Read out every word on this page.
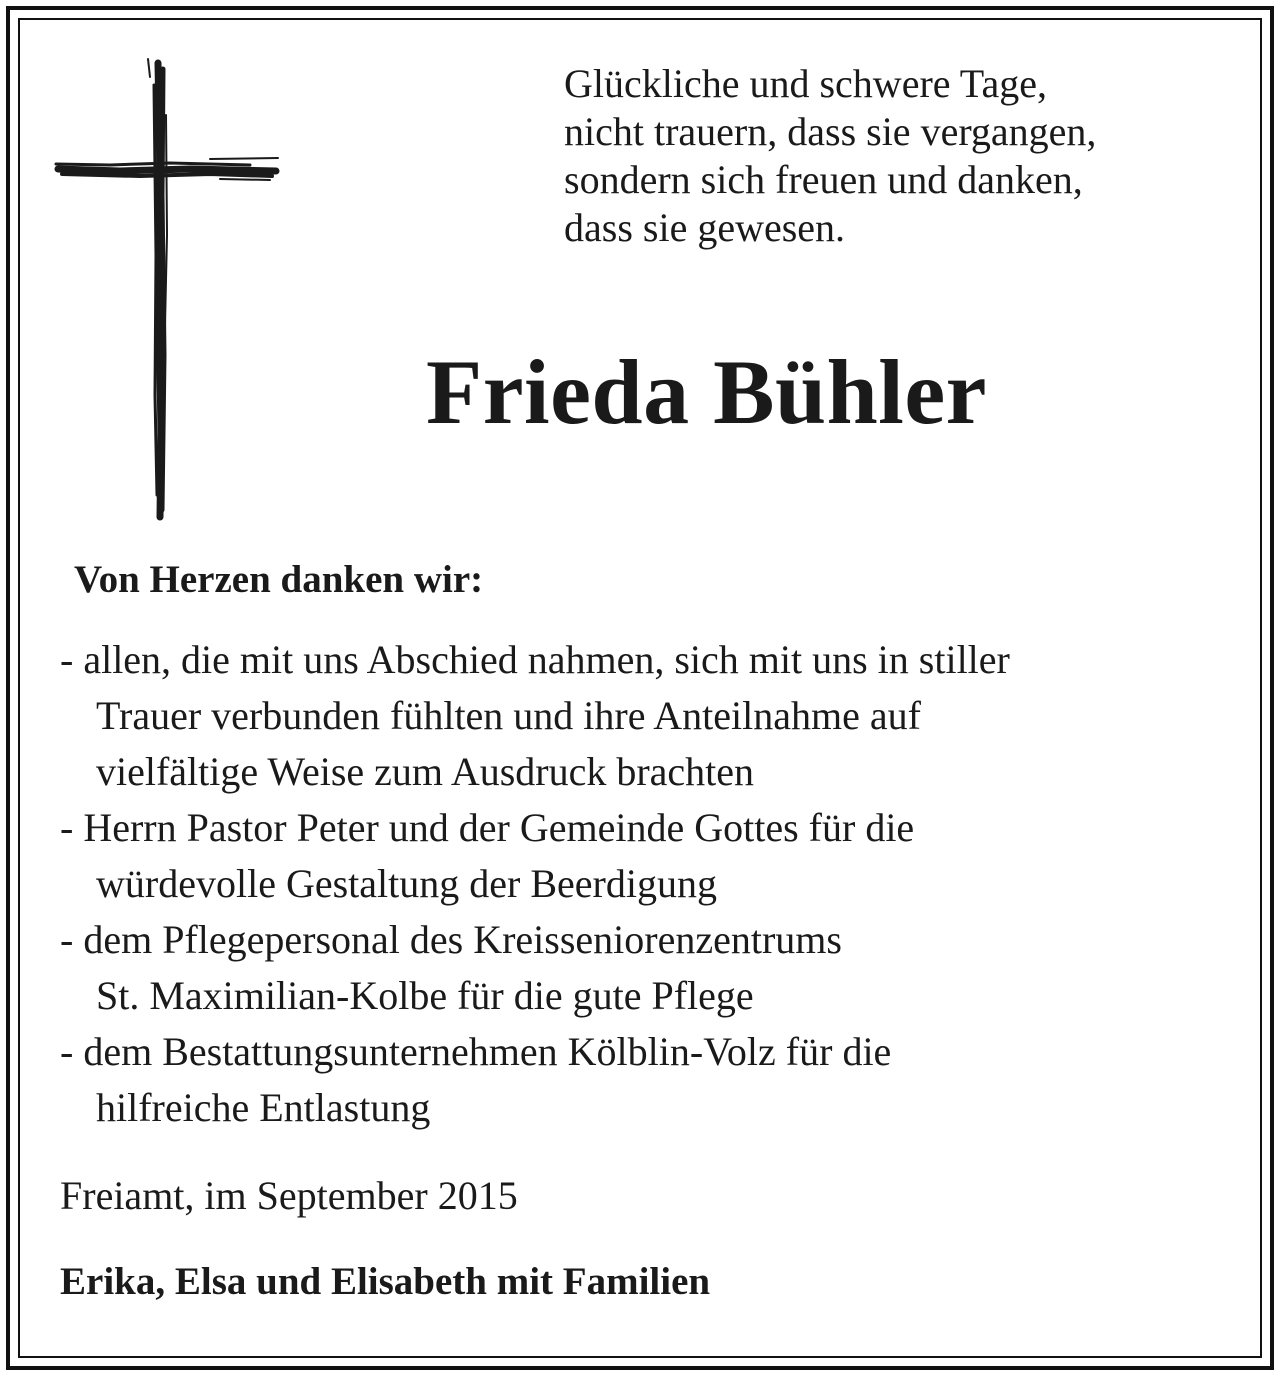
Glückliche und schwere Tage,
nicht trauern, dass sie vergangen,
sondern sich freuen und danken,
dass sie gewesen.

Frieda Bühler
Von Herzen danken wir:
- allen, die mit uns Abschied nahmen, sich mit uns in stiller
Trauer verbunden fühlten und ihre Anteilnahme auf
vielfältige Weise zum Ausdruck brachten
- Herrn Pastor Peter und der Gemeinde Gottes für die
würdevolle Gestaltung der Beerdigung
- dem Pflegepersonal des Kreisseniorenzentrums
St. Maximilian-Kolbe für die gute Pflege
- dem Bestattungsunternehmen Kölblin-Volz für die
hilfreiche Entlastung

Freiamt, im September 2015

Erika, Elsa und Elisabeth mit Familien
